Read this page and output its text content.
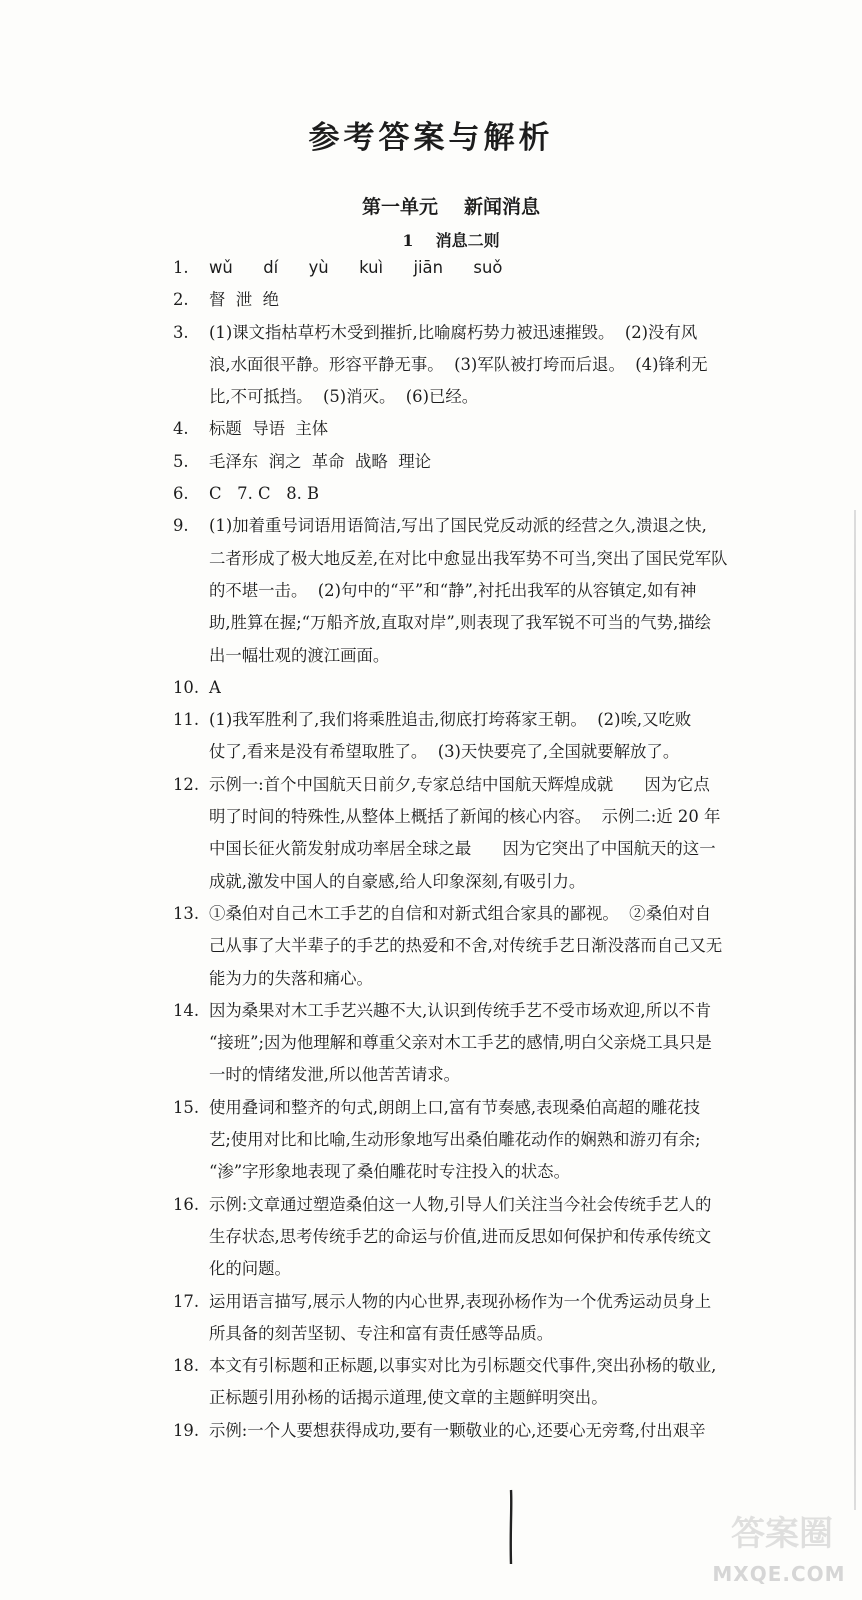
参考答案与解析
第一单元 新闻消息
1 消息二则
1. wǔ  dí  yù  kuì  jiān  suǒ
2. 督  泄  绝
3. (1)课文指枯草朽木受到摧折,比喻腐朽势力被迅速摧毁。  (2)没有风
浪,水面很平静。形容平静无事。  (3)军队被打垮而后退。  (4)锋利无
比,不可抵挡。  (5)消灭。  (6)已经。
4. 标题  导语  主体
5. 毛泽东  润之  革命  战略  理论
6. C   7. C   8. B
9. (1)加着重号词语用语简洁,写出了国民党反动派的经营之久,溃退之快,
二者形成了极大地反差,在对比中愈显出我军势不可当,突出了国民党军队
的不堪一击。  (2)句中的“平”和“静”,衬托出我军的从容镇定,如有神
助,胜算在握;“万船齐放,直取对岸”,则表现了我军锐不可当的气势,描绘
出一幅壮观的渡江画面。
10. A
11. (1)我军胜利了,我们将乘胜追击,彻底打垮蒋家王朝。  (2)唉,又吃败
仗了,看来是没有希望取胜了。  (3)天快要亮了,全国就要解放了。
12. 示例一:首个中国航天日前夕,专家总结中国航天辉煌成就      因为它点
明了时间的特殊性,从整体上概括了新闻的核心内容。  示例二:近 20 年
中国长征火箭发射成功率居全球之最      因为它突出了中国航天的这一
成就,激发中国人的自豪感,给人印象深刻,有吸引力。
13. ①桑伯对自己木工手艺的自信和对新式组合家具的鄙视。  ②桑伯对自
己从事了大半辈子的手艺的热爱和不舍,对传统手艺日渐没落而自己又无
能为力的失落和痛心。
14. 因为桑果对木工手艺兴趣不大,认识到传统手艺不受市场欢迎,所以不肯
“接班”;因为他理解和尊重父亲对木工手艺的感情,明白父亲烧工具只是
一时的情绪发泄,所以他苦苦请求。
15. 使用叠词和整齐的句式,朗朗上口,富有节奏感,表现桑伯高超的雕花技
艺;使用对比和比喻,生动形象地写出桑伯雕花动作的娴熟和游刃有余;
“渗”字形象地表现了桑伯雕花时专注投入的状态。
16. 示例:文章通过塑造桑伯这一人物,引导人们关注当今社会传统手艺人的
生存状态,思考传统手艺的命运与价值,进而反思如何保护和传承传统文
化的问题。
17. 运用语言描写,展示人物的内心世界,表现孙杨作为一个优秀运动员身上
所具备的刻苦坚韧、专注和富有责任感等品质。
18. 本文有引标题和正标题,以事实对比为引标题交代事件,突出孙杨的敬业,
正标题引用孙杨的话揭示道理,使文章的主题鲜明突出。
19. 示例:一个人要想获得成功,要有一颗敬业的心,还要心无旁骛,付出艰辛
答案圈
MXQE.COM
